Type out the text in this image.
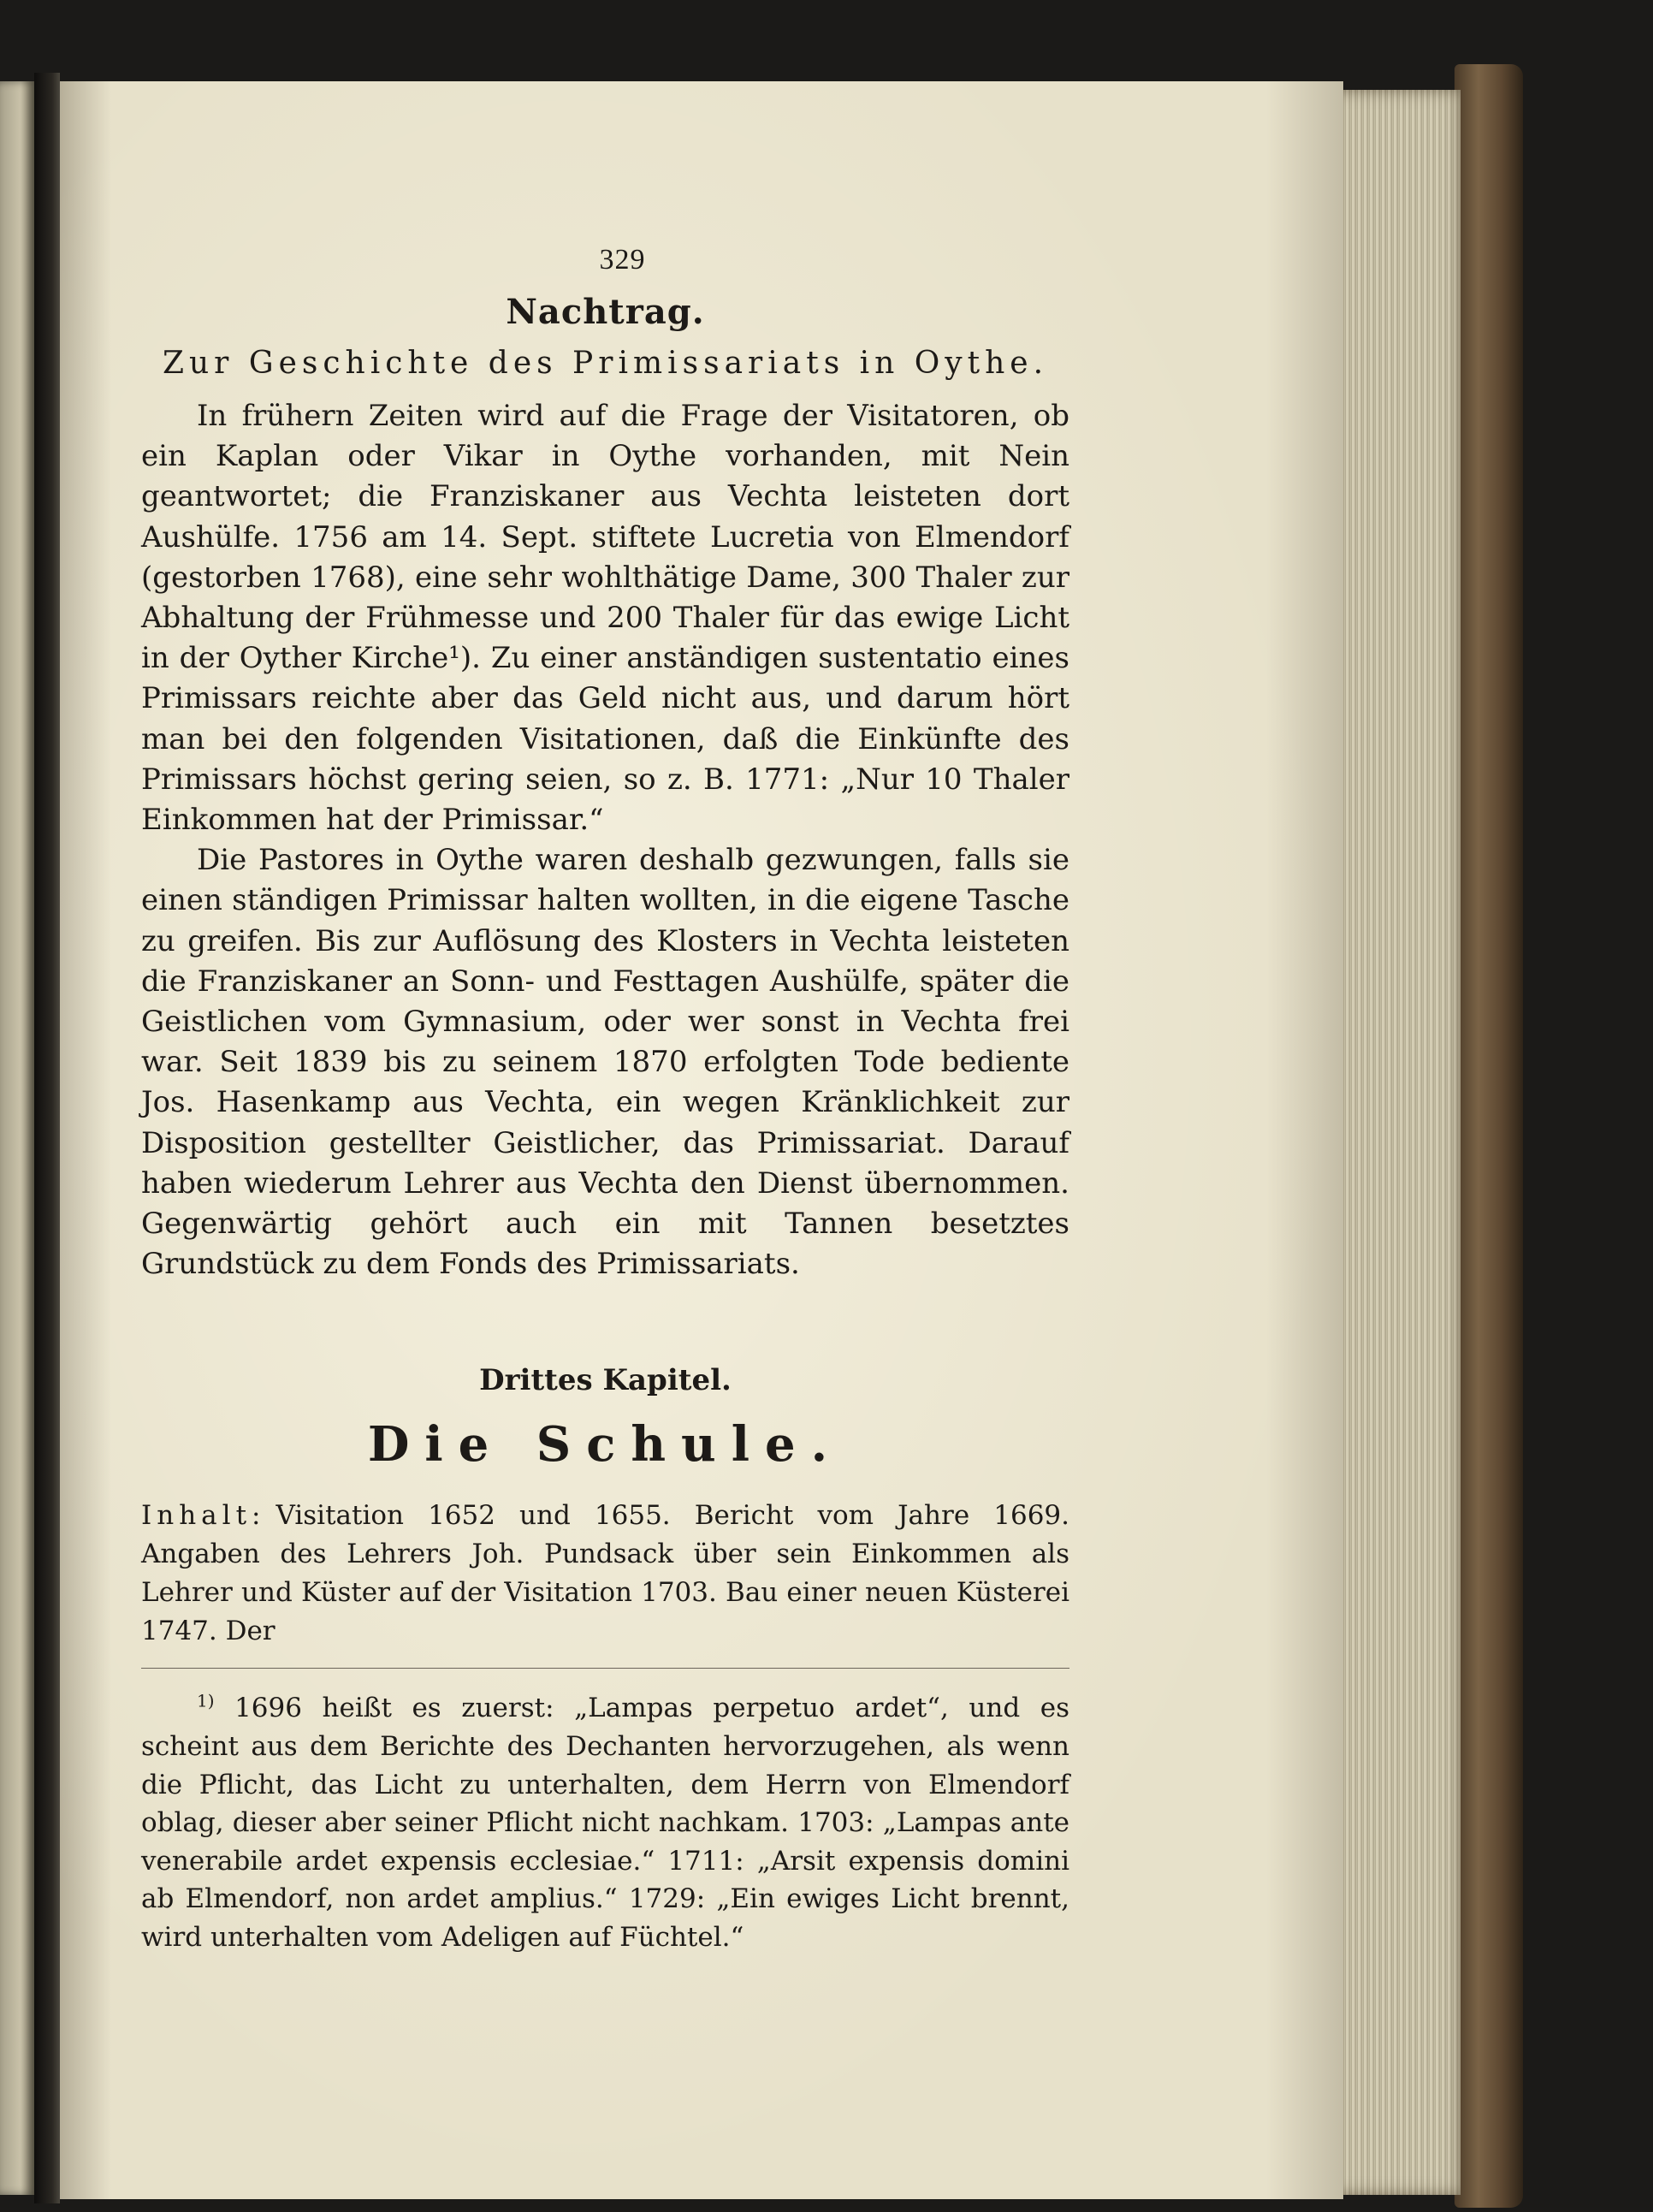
329
Nachtrag.
Zur Geschichte des Primissariats in Oythe.

In frühern Zeiten wird auf die Frage der Visitatoren, ob ein Kaplan oder Vikar in Oythe vorhanden, mit Nein geantwortet; die Franziskaner aus Vechta leisteten dort Aushülfe. 1756 am 14. Sept. stiftete Lucretia von Elmendorf (gestorben 1768), eine sehr wohlthätige Dame, 300 Thaler zur Abhaltung der Frühmesse und 200 Thaler für das ewige Licht in der Oyther Kirche¹). Zu einer anständigen sustentatio eines Primissars reichte aber das Geld nicht aus, und darum hört man bei den folgenden Visitationen, daß die Einkünfte des Primissars höchst gering seien, so z. B. 1771: „Nur 10 Thaler Einkommen hat der Primissar.“

Die Pastores in Oythe waren deshalb gezwungen, falls sie einen ständigen Primissar halten wollten, in die eigene Tasche zu greifen. Bis zur Auflösung des Klosters in Vechta leisteten die Franziskaner an Sonn- und Festtagen Aushülfe, später die Geistlichen vom Gymnasium, oder wer sonst in Vechta frei war. Seit 1839 bis zu seinem 1870 erfolgten Tode bediente Jos. Hasenkamp aus Vechta, ein wegen Kränklichkeit zur Disposition gestellter Geistlicher, das Primissariat. Darauf haben wiederum Lehrer aus Vechta den Dienst übernommen. Gegenwärtig gehört auch ein mit Tannen besetztes Grundstück zu dem Fonds des Primissariats.

Drittes Kapitel.
Die Schule.

Inhalt: Visitation 1652 und 1655. Bericht vom Jahre 1669. Angaben des Lehrers Joh. Pundsack über sein Einkommen als Lehrer und Küster auf der Visitation 1703. Bau einer neuen Küsterei 1747. Der

$^{1)}$ 1696 heißt es zuerst: „Lampas perpetuo ardet“, und es scheint aus dem Berichte des Dechanten hervorzugehen, als wenn die Pflicht, das Licht zu unterhalten, dem Herrn von Elmendorf oblag, dieser aber seiner Pflicht nicht nachkam. 1703: „Lampas ante venerabile ardet expensis ecclesiae.“ 1711: „Arsit expensis domini ab Elmendorf, non ardet amplius.“ 1729: „Ein ewiges Licht brennt, wird unterhalten vom Adeligen auf Füchtel.“
